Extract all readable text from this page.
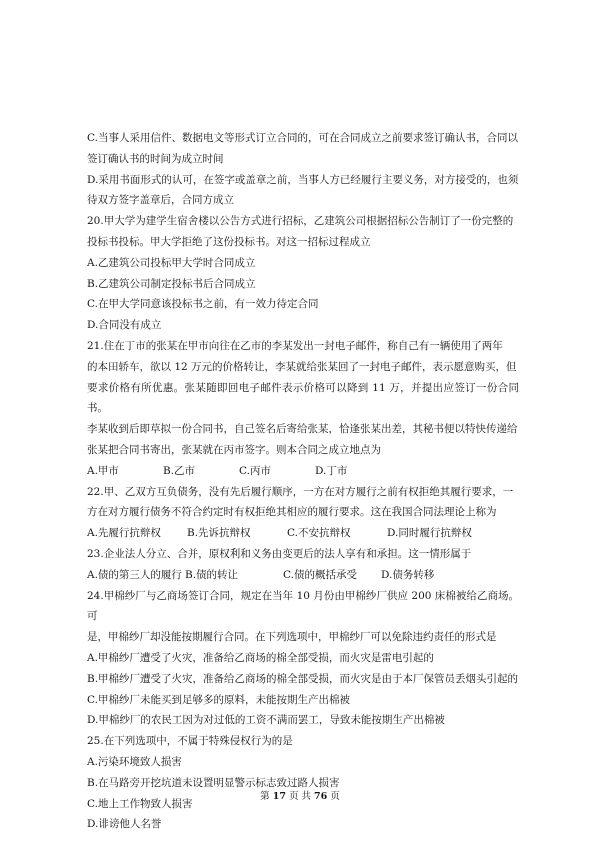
C.当事人采用信件、数据电文等形式订立合同的，可在合同成立之前要求签订确认书，合同以

签订确认书的时间为成立时间

D.采用书面形式的认可，在签字或盖章之前，当事人方已经履行主要义务，对方接受的，也须

待双方签字盖章后，合同方成立

20.甲大学为建学生宿舍楼以公告方式进行招标，乙建筑公司根据招标公告制订了一份完整的

投标书投标。甲大学拒绝了这份投标书。对这一招标过程成立

A.乙建筑公司投标甲大学时合同成立

B.乙建筑公司制定投标书后合同成立

C.在甲大学同意该投标书之前，有一效力待定合同

D.合同没有成立

21.住在丁市的张某在甲市向往在乙市的李某发出一封电子邮件，称自己有一辆使用了两年

的本田轿车，欲以 12 万元的价格转让，李某就给张某回了一封电子邮件，表示愿意购买，但

要求价格有所优惠。张某随即回电子邮件表示价格可以降到 11 万，并提出应签订一份合同书。

李某收到后即草拟一份合同书，自己签名后寄给张某，恰逢张某出差，其秘书便以特快传递给

张某把合同书寄出，张某就在丙市签字。则本合同之成立地点为

A.甲市	B.乙市	C.丙市	D.丁市

22.甲、乙双方互负债务，没有先后履行顺序，一方在对方履行之前有权拒绝其履行要求，一

方在对方履行债务不符合约定时有权拒绝其相应的履行要求。这在我国合同法理论上称为

A.先履行抗辩权	B.先诉抗辩权	C.不安抗辩权	D.同时履行抗辩权

23.企业法人分立、合并，原权利和义务由变更后的法人享有和承担。这一情形属于

A.债的第三人的履行 B.债的转让	C.债的概括承受	D.债务转移

24.甲棉纱厂与乙商场签订合同，规定在当年 10 月份由甲棉纱厂供应 200 床棉被给乙商场。可

是，甲棉纱厂却没能按期履行合同。在下列选项中，甲棉纱厂可以免除违约责任的形式是

A.甲棉纱厂遭受了火灾，准备给乙商场的棉全部受损，而火灾是雷电引起的

B.甲棉纱厂遭受了火灾，准备给乙商场的棉全部受损，而火灾是由于本厂保管员丢烟头引起的

C.甲棉纱厂未能买到足够多的原料，未能按期生产出棉被

D.甲棉纱厂的农民工因为对过低的工资不满而罢工，导致未能按期生产出棉被

25.在下列选项中，不属于特殊侵权行为的是

A.污染环境致人损害

B.在马路旁开挖坑道未设置明显警示标志致过路人损害

C.地上工作物致人损害

D.诽谤他人名誉

第 17 页 共 76 页
